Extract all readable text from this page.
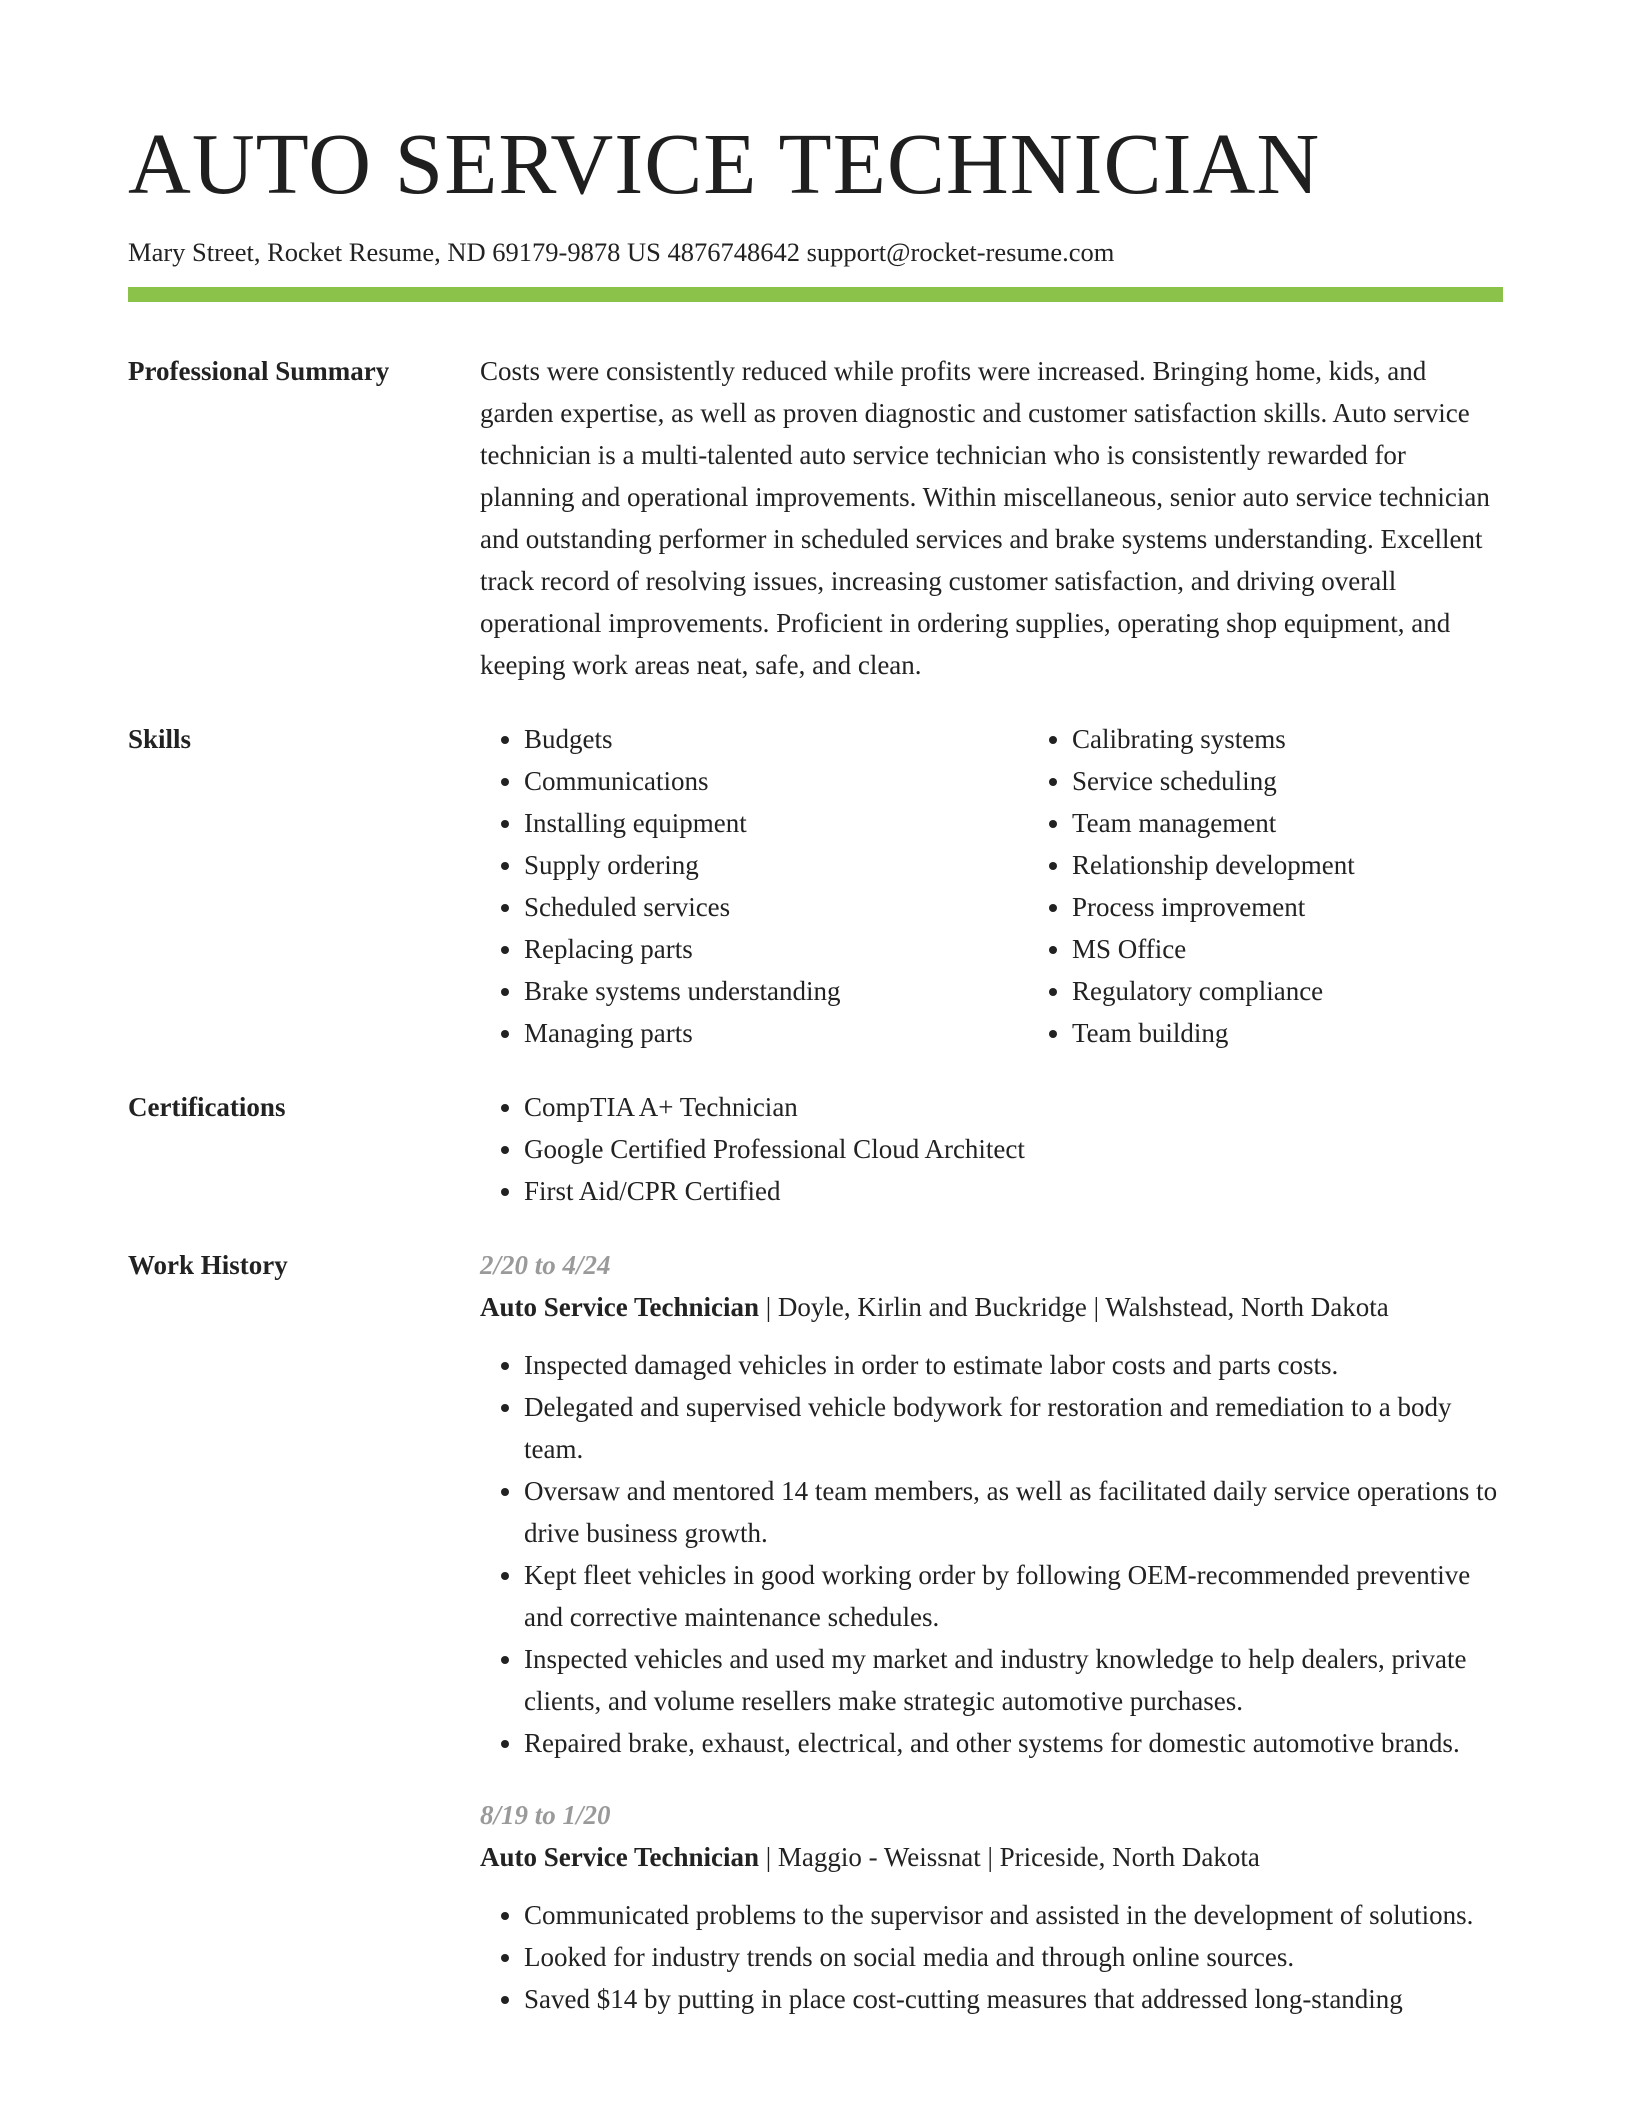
AUTO SERVICE TECHNICIAN
Mary Street, Rocket Resume, ND 69179-9878 US 4876748642 support@rocket-resume.com
Professional Summary	Costs were consistently reduced while profits were increased. Bringing home, kids, and garden expertise, as well as proven diagnostic and customer satisfaction skills. Auto service technician is a multi-talented auto service technician who is consistently rewarded for planning and operational improvements. Within miscellaneous, senior auto service technician and outstanding performer in scheduled services and brake systems understanding. Excellent track record of resolving issues, increasing customer satisfaction, and driving overall operational improvements. Proficient in ordering supplies, operating shop equipment, and keeping work areas neat, safe, and clean.

Skills	• Budgets
• Communications
• Installing equipment
• Supply ordering
• Scheduled services
• Replacing parts
• Brake systems understanding
• Managing parts
• Calibrating systems
• Service scheduling
• Team management
• Relationship development
• Process improvement
• MS Office
• Regulatory compliance
• Team building
Certifications	• CompTIA A+ Technician
• Google Certified Professional Cloud Architect
• First Aid/CPR Certified
Work History	2/20 to 4/24
Auto Service Technician | Doyle, Kirlin and Buckridge | Walshstead, North Dakota
• Inspected damaged vehicles in order to estimate labor costs and parts costs.
• Delegated and supervised vehicle bodywork for restoration and remediation to a body team.
• Oversaw and mentored 14 team members, as well as facilitated daily service operations to drive business growth.
• Kept fleet vehicles in good working order by following OEM-recommended preventive and corrective maintenance schedules.
• Inspected vehicles and used my market and industry knowledge to help dealers, private clients, and volume resellers make strategic automotive purchases.
• Repaired brake, exhaust, electrical, and other systems for domestic automotive brands.
8/19 to 1/20
Auto Service Technician | Maggio - Weissnat | Priceside, North Dakota
• Communicated problems to the supervisor and assisted in the development of solutions.
• Looked for industry trends on social media and through online sources.
• Saved $14 by putting in place cost-cutting measures that addressed long-standing
